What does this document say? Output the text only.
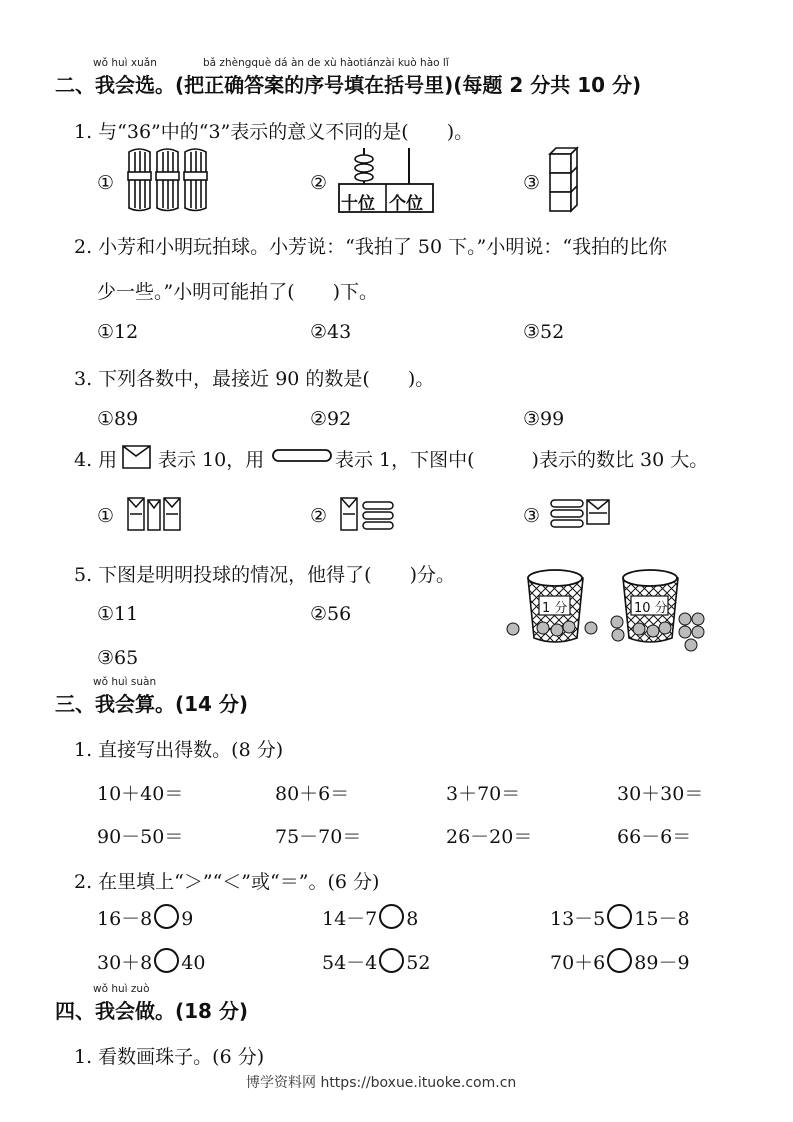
wǒ huì xuǎn	bǎ zhèngquè dá àn de xù hàotiánzài kuò hào lǐ
二、我会选。(把正确答案的序号填在括号里)(每题 2 分共 10 分)
1. 与“36”中的“3”表示的意义不同的是(　　)。
①	②
十位 个位
③
2. 小芳和小明玩拍球。小芳说：“我拍了 50 下。”小明说：“我拍的比你
少一些。”小明可能拍了(　　)下。
①12	②43	③52
3. 下列各数中，最接近 90 的数是(　　)。
①89	②92	③99
4. 用 表示 10，用	表示 1，下图中(　　　)表示的数比 30 大。
①	②	③
5. 下图是明明投球的情况，他得了(　　)分。
①11	②56
③65
1 分	10 分
wǒ huì suàn
三、我会算。(14 分)
1. 直接写出得数。(8 分)
10＋40＝	80＋6＝	3＋70＝	30＋30＝
90－50＝	75－70＝	26－20＝	66－6＝
2. 在里填上“＞”“＜”或“＝”。(6 分)
16－8 9	14－7 8	13－5 15－8
30＋8 40	54－4 52	70＋6 89－9
wǒ huì zuò
四、我会做。(18 分)
1. 看数画珠子。(6 分)
博学资料网 https://boxue.ituoke.com.cn
